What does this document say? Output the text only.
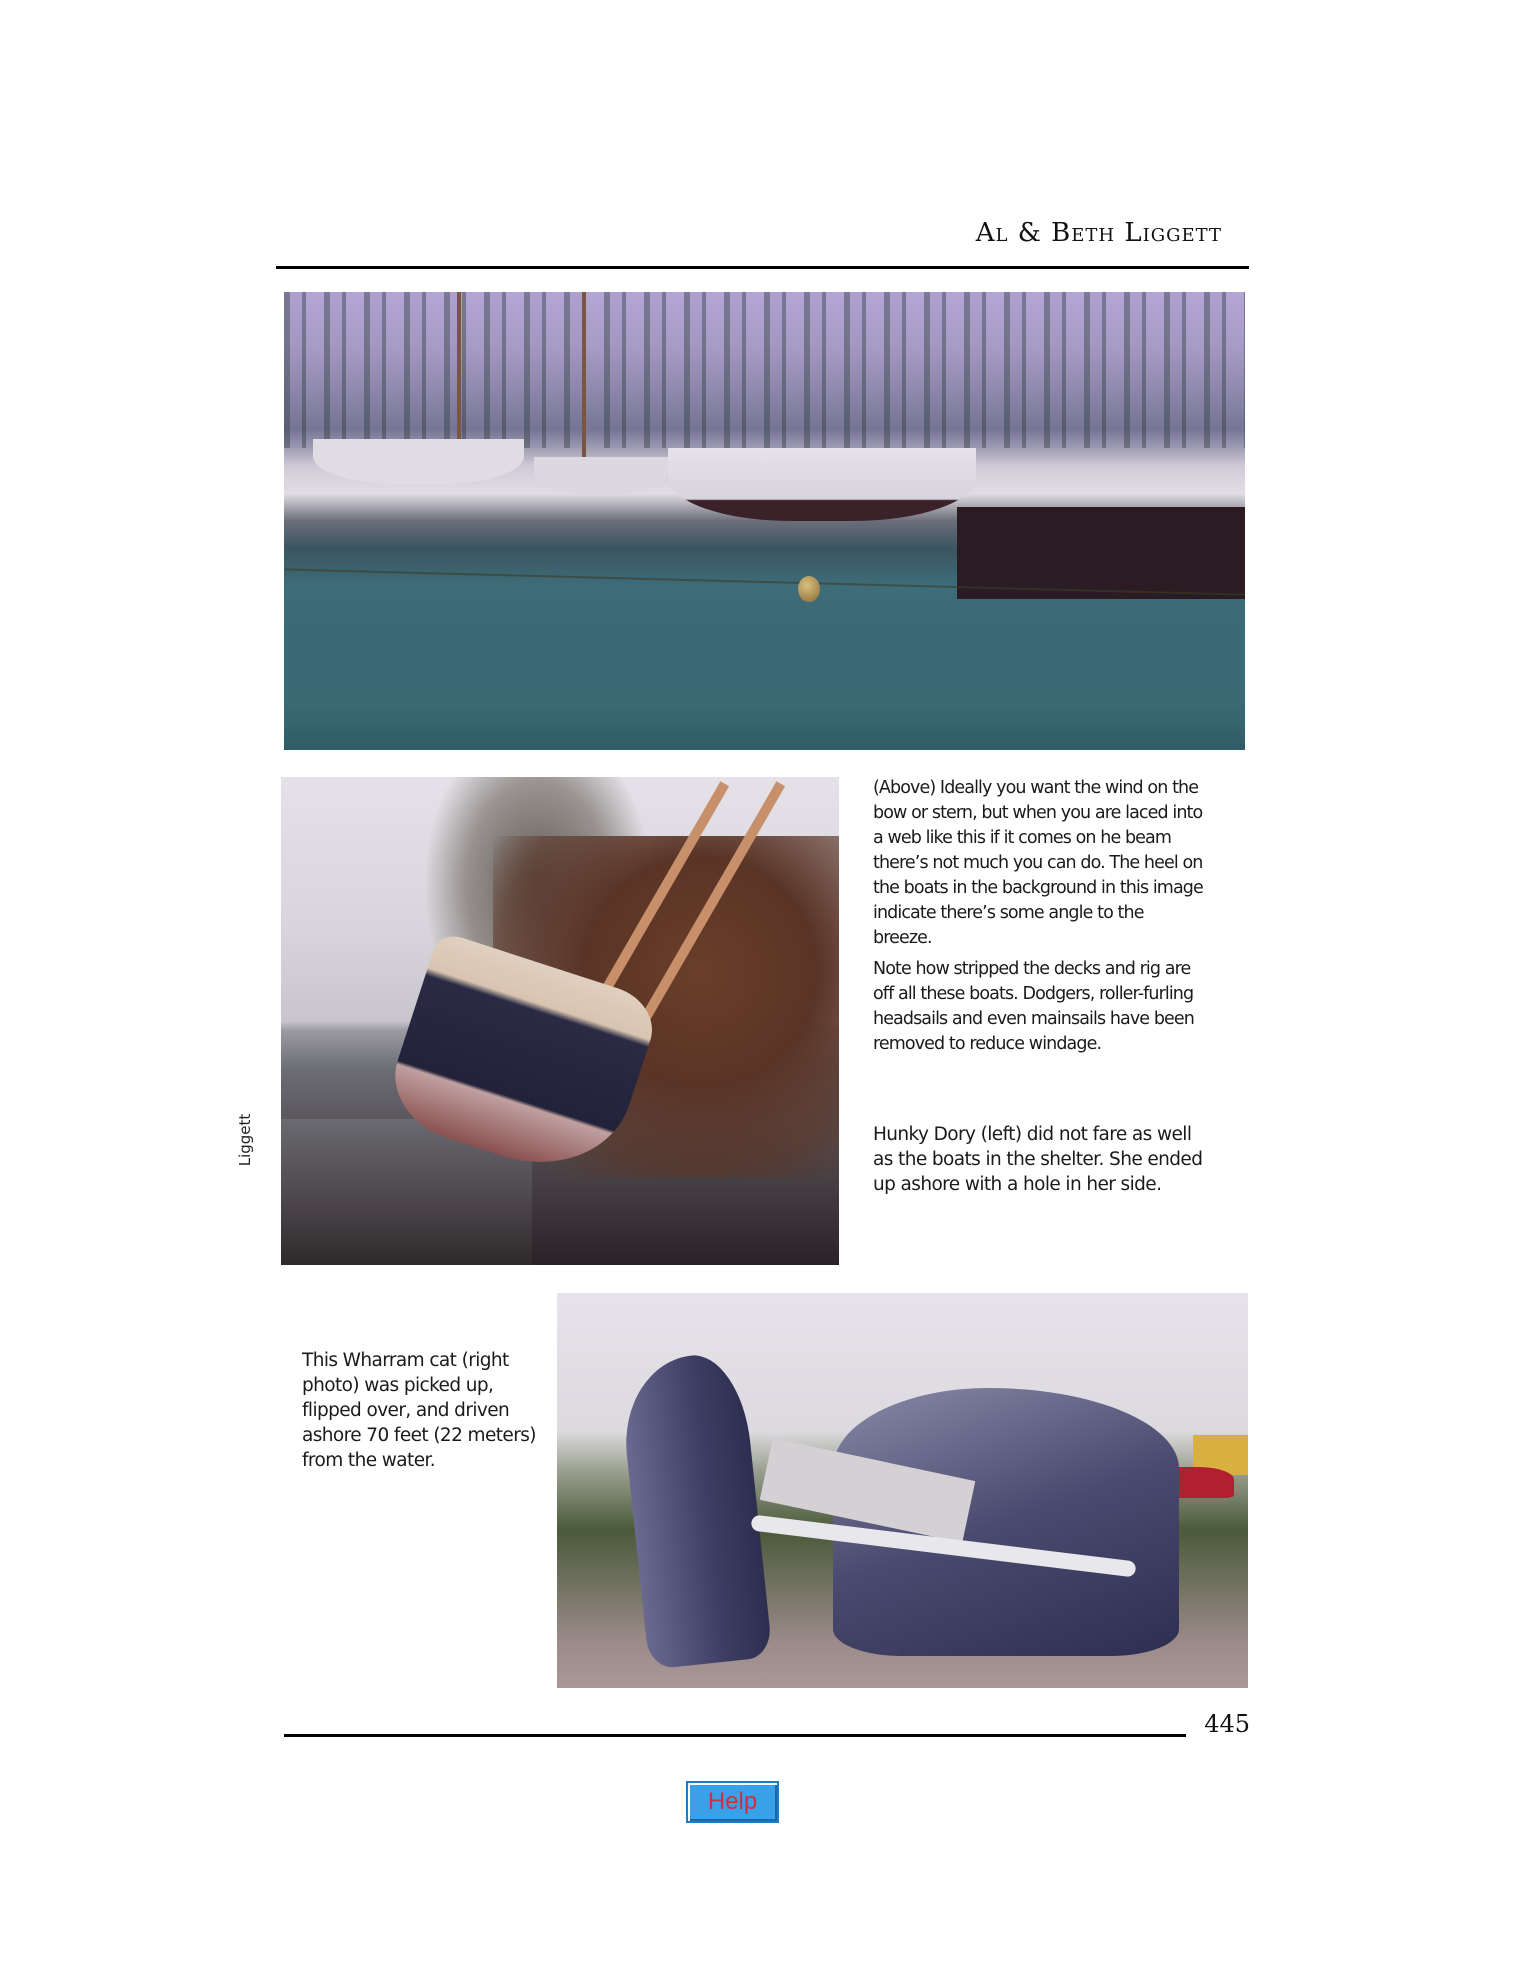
Al & Beth Liggett
Liggett

(Above) Ideally you want the wind on the bow or stern, but when you are laced into a web like this if it comes on he beam there’s not much you can do. The heel on the boats in the background in this image indicate there’s some angle to the breeze.

Note how stripped the decks and rig are off all these boats. Dodgers, roller-furling headsails and even mainsails have been removed to reduce windage.

Hunky Dory (left) did not fare as well as the boats in the shelter. She ended up ashore with a hole in her side.
This Wharram cat (right photo) was picked up, flipped over, and driven ashore 70 feet (22 meters) from the water.
445
Help
